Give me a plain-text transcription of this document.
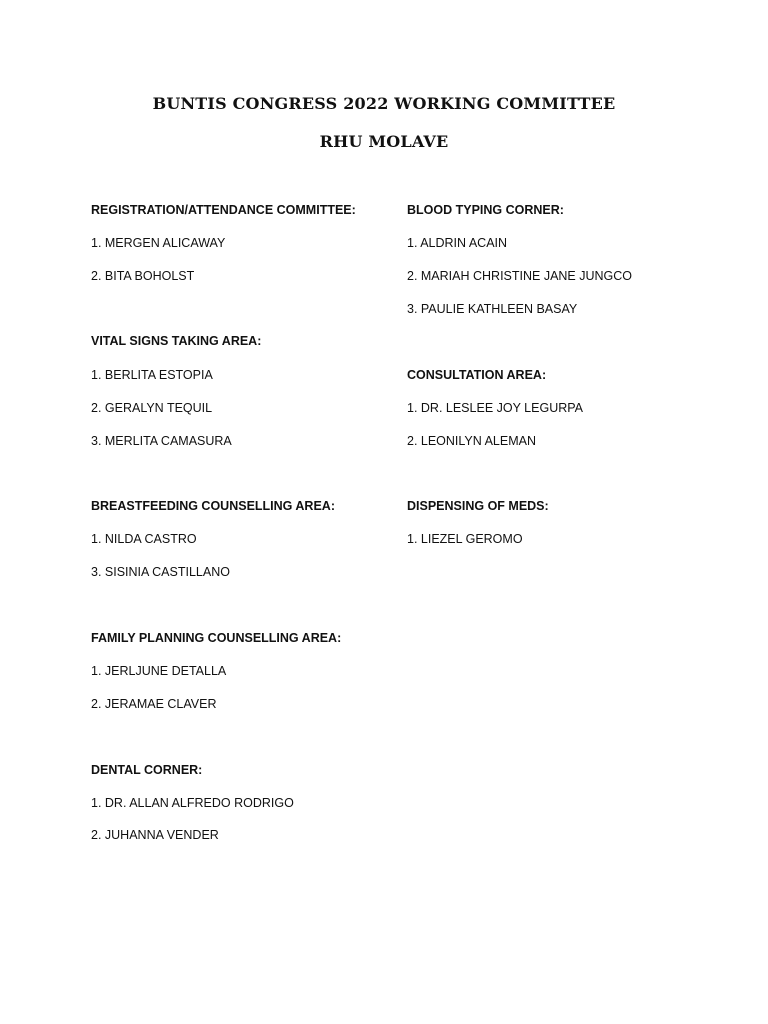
BUNTIS CONGRESS 2022 WORKING COMMITTEE
RHU MOLAVE
REGISTRATION/ATTENDANCE COMMITTEE:
1. MERGEN ALICAWAY
2. BITA BOHOLST
VITAL SIGNS TAKING AREA:
1. BERLITA ESTOPIA
2. GERALYN TEQUIL
3. MERLITA CAMASURA
BREASTFEEDING COUNSELLING AREA:
1. NILDA CASTRO
3. SISINIA CASTILLANO
FAMILY PLANNING COUNSELLING AREA:
1. JERLJUNE DETALLA
2. JERAMAE CLAVER
DENTAL CORNER:
1. DR. ALLAN ALFREDO RODRIGO
2. JUHANNA VENDER
BLOOD TYPING CORNER:
1. ALDRIN ACAIN
2. MARIAH CHRISTINE JANE JUNGCO
3. PAULIE KATHLEEN BASAY
CONSULTATION AREA:
1. DR. LESLEE JOY LEGURPA
2. LEONILYN ALEMAN
DISPENSING OF MEDS:
1. LIEZEL GEROMO
